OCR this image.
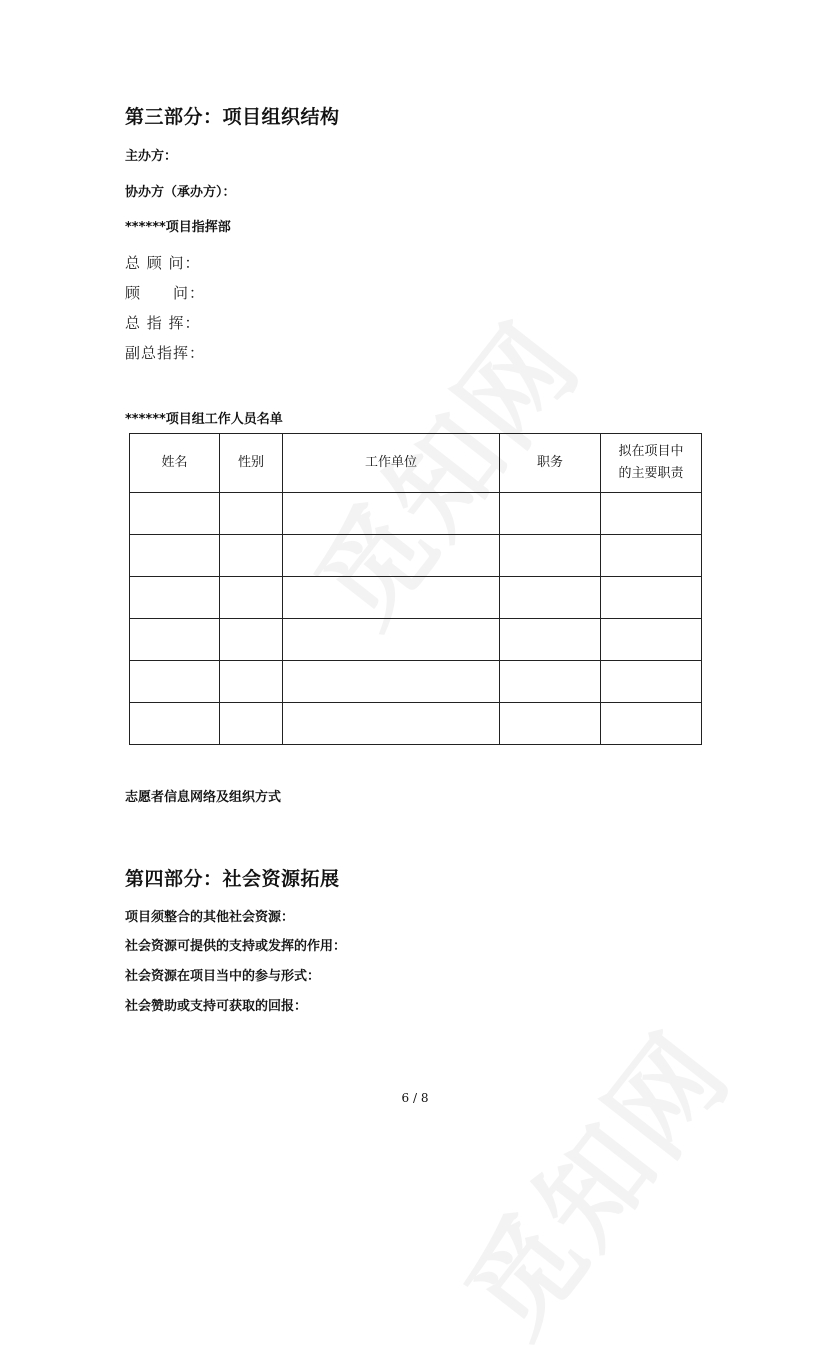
第三部分：项目组织结构
主办方：
协办方（承办方）：
******项目指挥部
总 顾 问：
顾　　问：
总 指 挥：
副总指挥：
******项目组工作人员名单
姓名	性别	工作单位	职务	拟在项目中的主要职责

志愿者信息网络及组织方式
第四部分：社会资源拓展
项目须整合的其他社会资源：
社会资源可提供的支持或发挥的作用：
社会资源在项目当中的参与形式：
社会赞助或支持可获取的回报：
6 / 8
